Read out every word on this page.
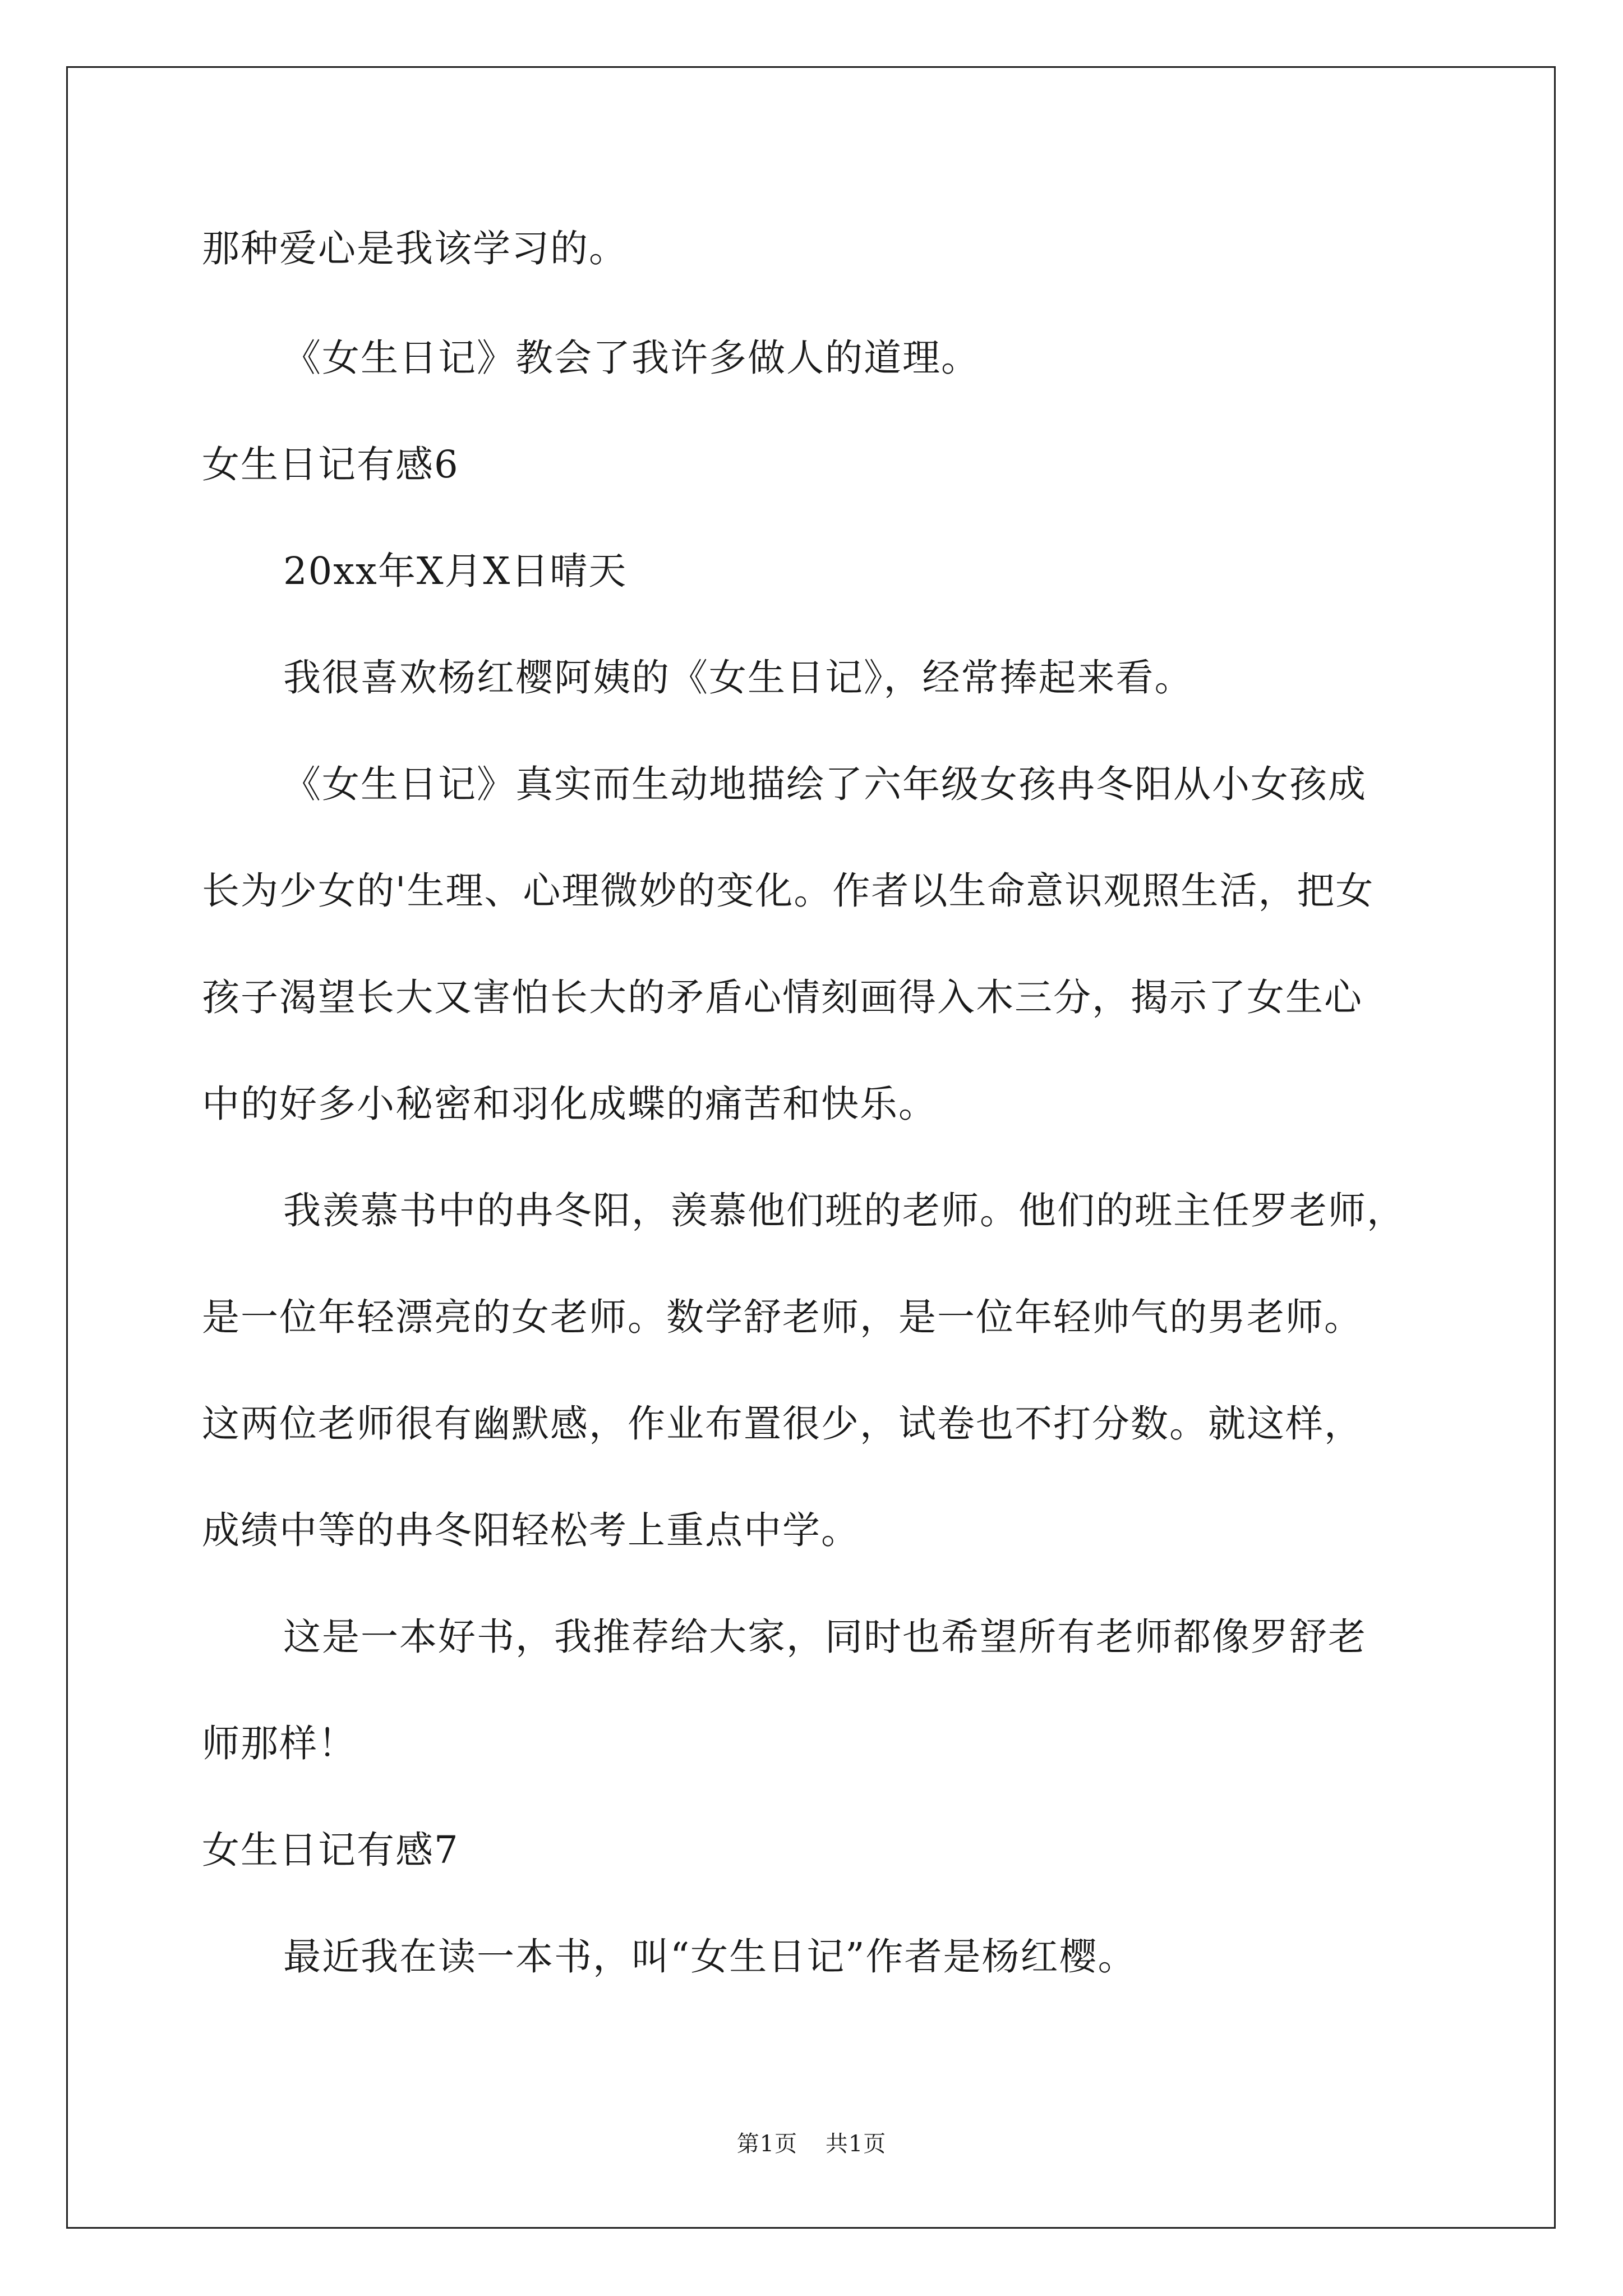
那种爱心是我该学习的。
《女生日记》教会了我许多做人的道理。
女生日记有感6
20xx年X月X日晴天
我很喜欢杨红樱阿姨的《女生日记》，经常捧起来看。
《女生日记》真实而生动地描绘了六年级女孩冉冬阳从小女孩成
长为少女的'生理、心理微妙的变化。作者以生命意识观照生活，把女
孩子渴望长大又害怕长大的矛盾心情刻画得入木三分，揭示了女生心
中的好多小秘密和羽化成蝶的痛苦和快乐。
我羡慕书中的冉冬阳，羡慕他们班的老师。他们的班主任罗老师，
是一位年轻漂亮的女老师。数学舒老师，是一位年轻帅气的男老师。
这两位老师很有幽默感，作业布置很少，试卷也不打分数。就这样，
成绩中等的冉冬阳轻松考上重点中学。
这是一本好书，我推荐给大家，同时也希望所有老师都像罗舒老
师那样！
女生日记有感7
最近我在读一本书，叫“女生日记”作者是杨红樱。
第1页 共1页
